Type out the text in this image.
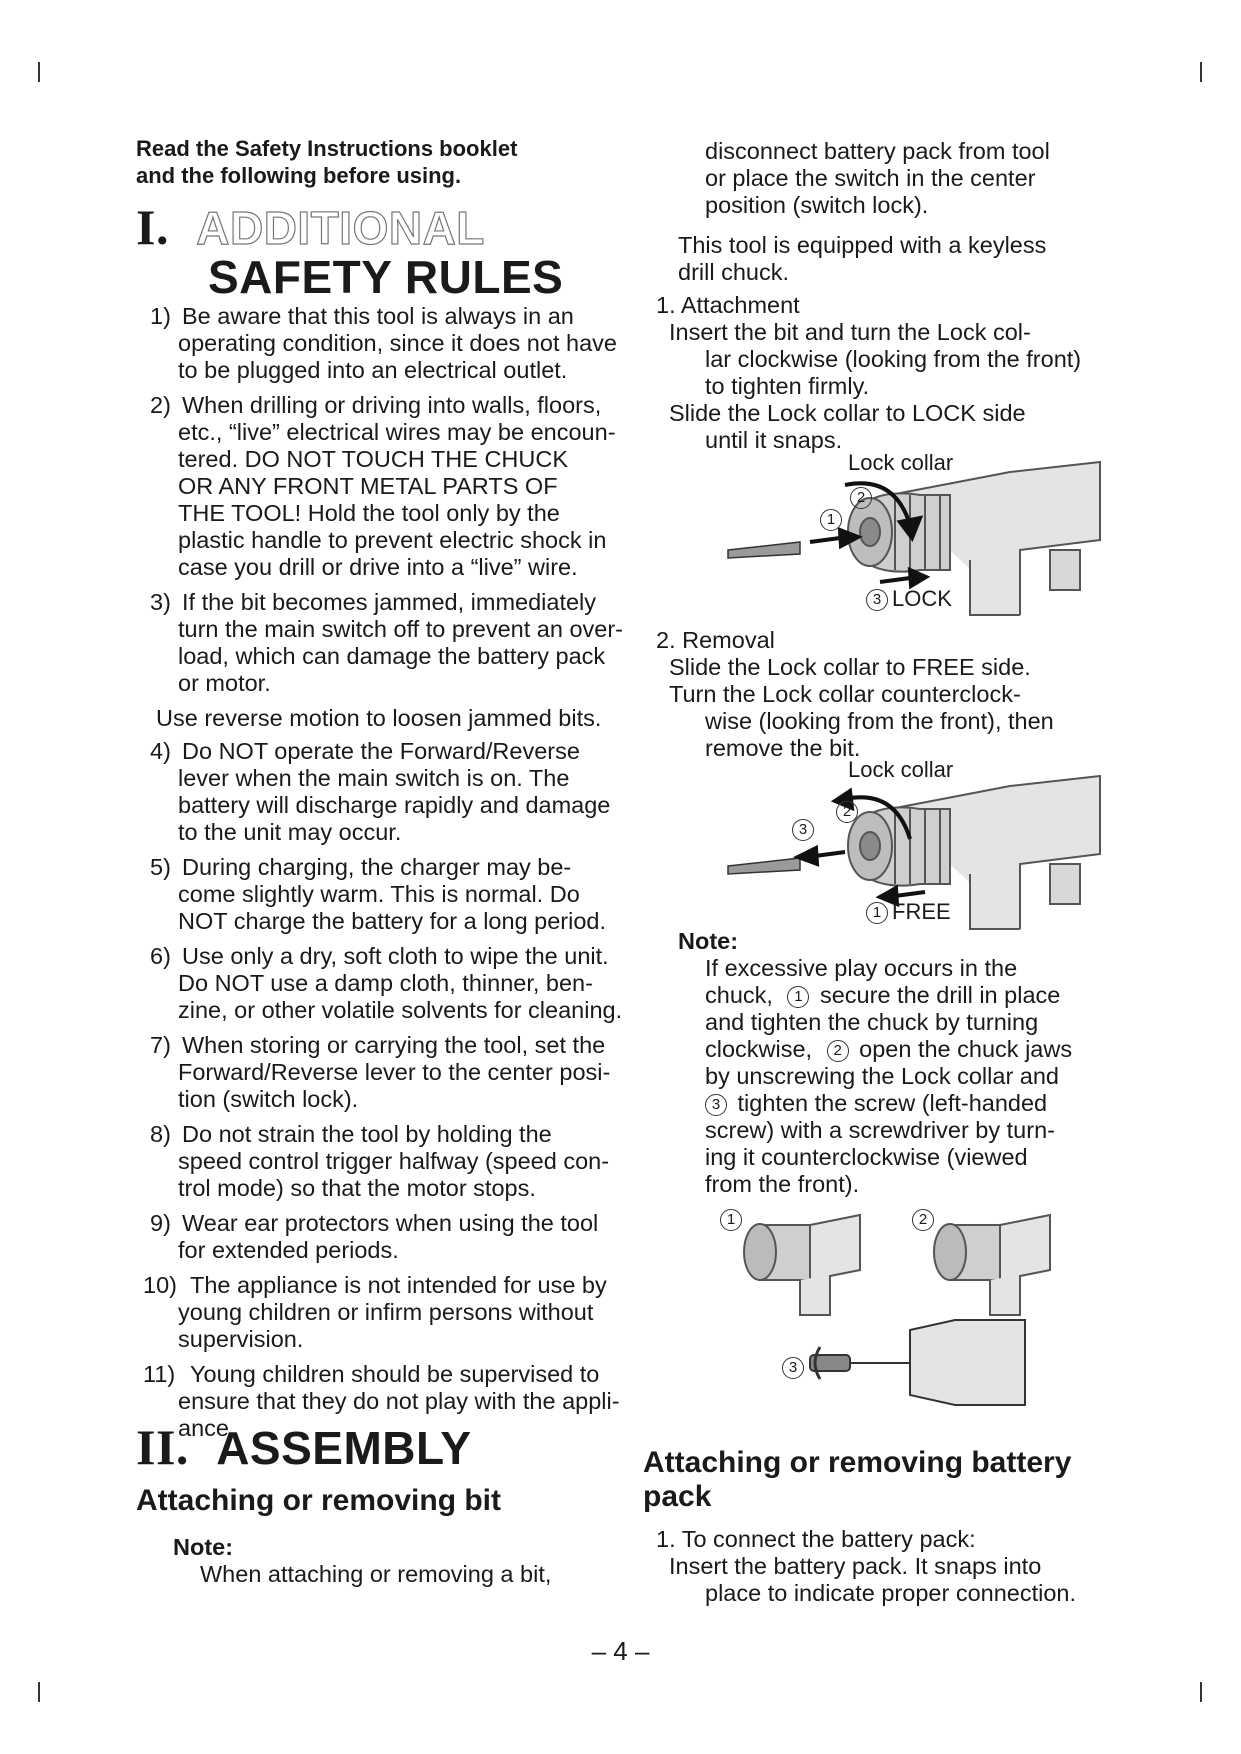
Read the Safety Instructions booklet
and the following before using.
I. ADDITIONAL
SAFETY RULES
1) Be aware that this tool is always in an
operating condition, since it does not have
to be plugged into an electrical outlet.
2) When drilling or driving into walls, floors,
etc., “live” electrical wires may be encoun-
tered. DO NOT TOUCH THE CHUCK
OR ANY FRONT METAL PARTS OF
THE TOOL! Hold the tool only by the
plastic handle to prevent electric shock in
case you drill or drive into a “live” wire.
3) If the bit becomes jammed, immediately
turn the main switch off to prevent an over-
load, which can damage the battery pack
or motor.
Use reverse motion to loosen jammed bits.
4) Do NOT operate the Forward/Reverse
lever when the main switch is on. The
battery will discharge rapidly and damage
to the unit may occur.
5) During charging, the charger may be-
come slightly warm. This is normal. Do
NOT charge the battery for a long period.
6) Use only a dry, soft cloth to wipe the unit.
Do NOT use a damp cloth, thinner, ben-
zine, or other volatile solvents for cleaning.
7) When storing or carrying the tool, set the
Forward/Reverse lever to the center posi-
tion (switch lock).
8) Do not strain the tool by holding the
speed control trigger halfway (speed con-
trol mode) so that the motor stops.
9) Wear ear protectors when using the tool
for extended periods.
10) The appliance is not intended for use by
young children or infirm persons without
supervision.
11) Young children should be supervised to
ensure that they do not play with the appli-
ance.
II. ASSEMBLY
Attaching or removing bit
Note:
When attaching or removing a bit,
disconnect battery pack from tool
or place the switch in the center
position (switch lock).
This tool is equipped with a keyless
drill chuck.
1. Attachment
Insert the bit and turn the Lock col-
lar clockwise (looking from the front)
to tighten firmly.
Slide the Lock collar to LOCK side
until it snaps.
Lock collar
2
1
3 LOCK
2. Removal
Slide the Lock collar to FREE side.
Turn the Lock collar counterclock-
wise (looking from the front), then
remove the bit.
Lock collar
2
3
1 FREE
Note:
If excessive play occurs in the
chuck, 1 secure the drill in place
and tighten the chuck by turning
clockwise, 2 open the chuck jaws
by unscrewing the Lock collar and
3 tighten the screw (left-handed
screw) with a screwdriver by turn-
ing it counterclockwise (viewed
from the front).
1	2
3
Attaching or removing battery
pack
1. To connect the battery pack:
Insert the battery pack. It snaps into
place to indicate proper connection.
– 4 –
